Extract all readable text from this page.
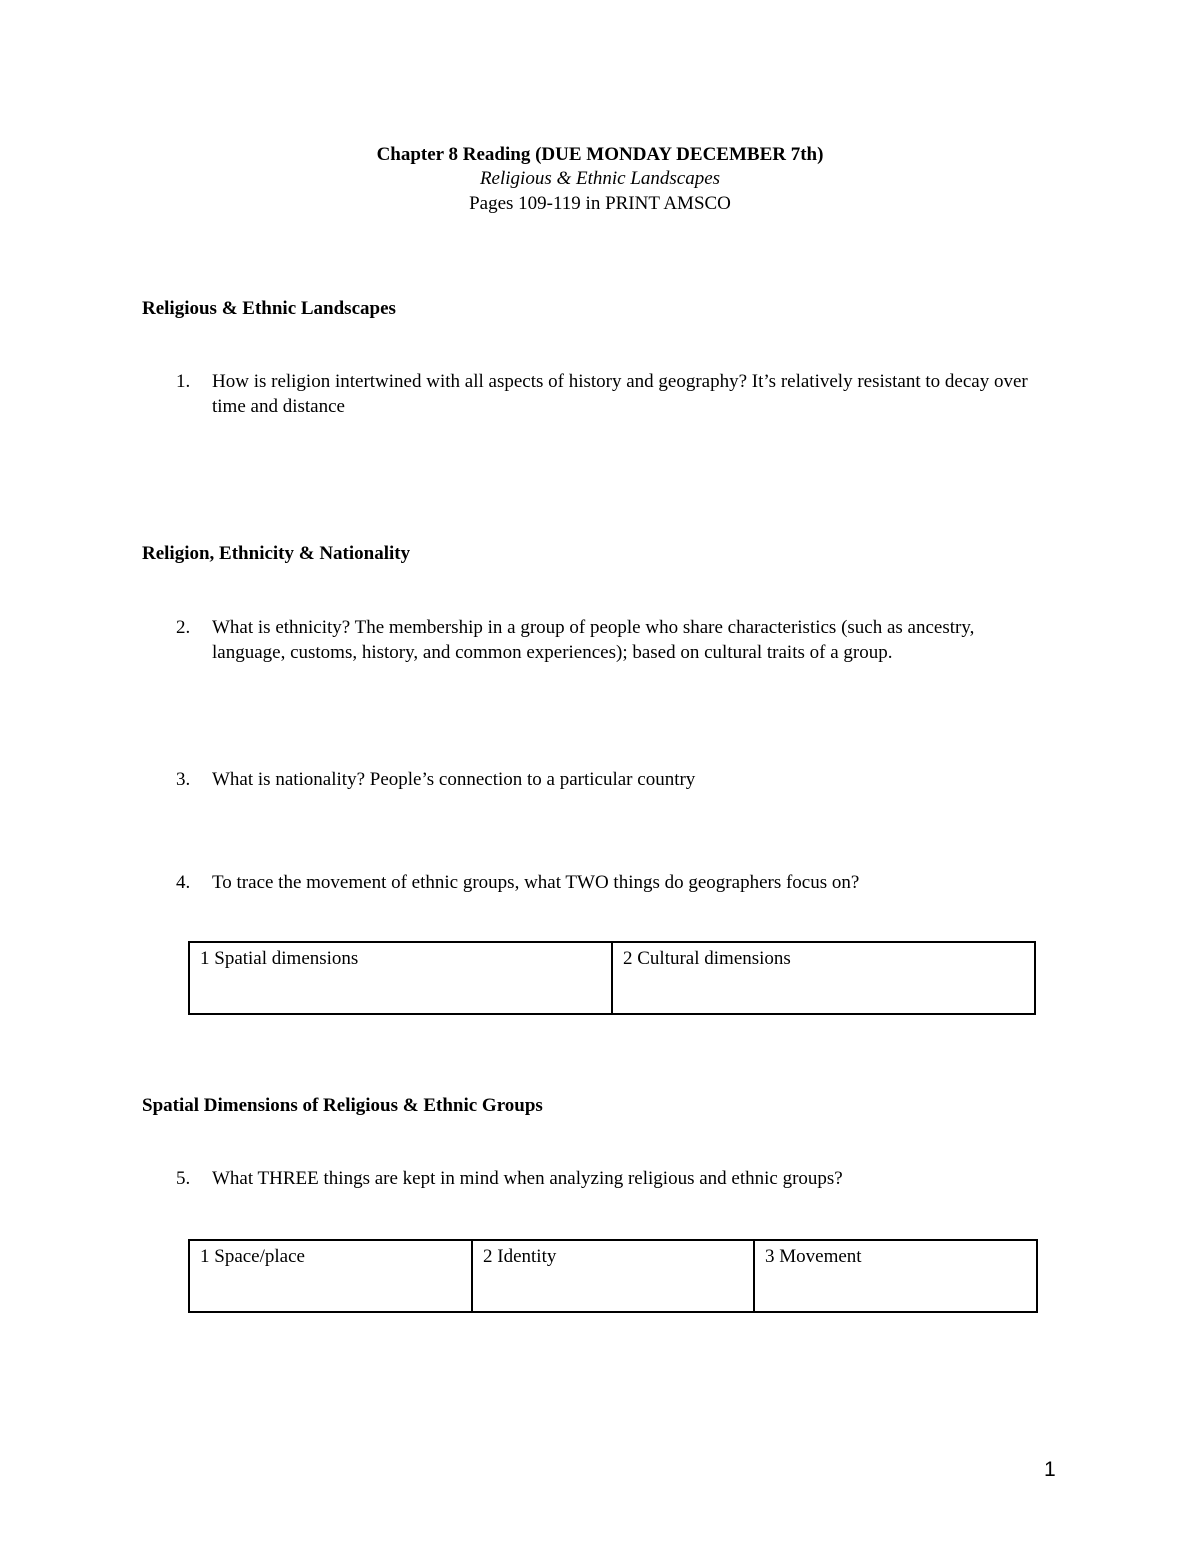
Chapter 8 Reading (DUE MONDAY DECEMBER 7th)
Religious & Ethnic Landscapes
Pages 109-119 in PRINT AMSCO
Religious & Ethnic Landscapes
1. How is religion intertwined with all aspects of history and geography? It’s relatively resistant to decay over time and distance
Religion, Ethnicity & Nationality
2. What is ethnicity? The membership in a group of people who share characteristics (such as ancestry, language, customs, history, and common experiences); based on cultural traits of a group.
3. What is nationality? People’s connection to a particular country
4. To trace the movement of ethnic groups, what TWO things do geographers focus on?
1 Spatial dimensions	2 Cultural dimensions
Spatial Dimensions of Religious & Ethnic Groups
5. What THREE things are kept in mind when analyzing religious and ethnic groups?
1 Space/place	2 Identity	3 Movement
1
